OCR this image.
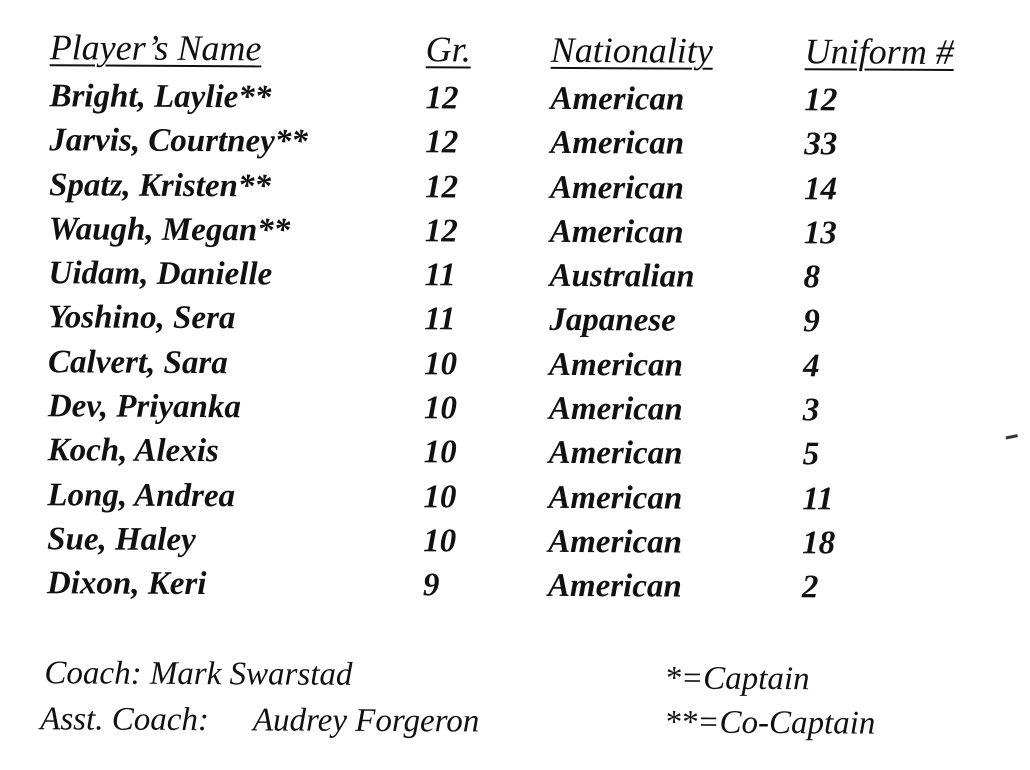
Player’s Name	Gr.	Nationality	Uniform #
Bright, Laylie**	12	American	12
Jarvis, Courtney**	12	American	33
Spatz, Kristen**	12	American	14
Waugh, Megan**	12	American	13
Uidam, Danielle	11	Australian	8
Yoshino, Sera	11	Japanese	9
Calvert, Sara	10	American	4
Dev, Priyanka	10	American	3
Koch, Alexis	10	American	5
Long, Andrea	10	American	11
Sue, Haley	10	American	18
Dixon, Keri	9	American	2
Coach: Mark Swarstad
Asst. Coach: Audrey Forgeron
*=Captain
**=Co-Captain
